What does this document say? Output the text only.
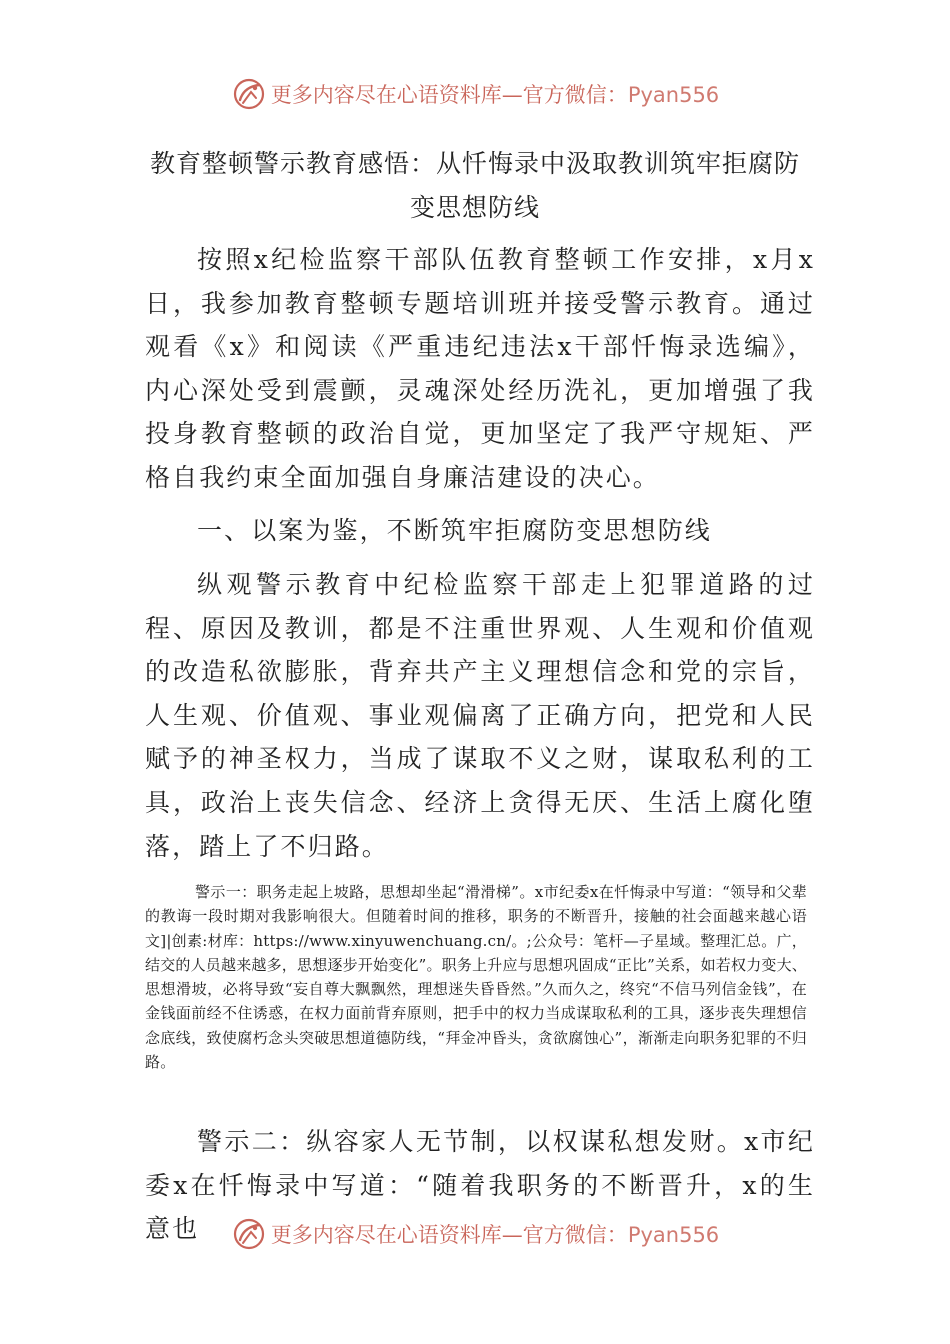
更多内容尽在心语资料库—官方微信：Pyan556
教育整顿警示教育感悟：从忏悔录中汲取教训筑牢拒腐防变思想防线

按照x纪检监察干部队伍教育整顿工作安排，x月x日，我参加教育整顿专题培训班并接受警示教育。通过观看《x》和阅读《严重违纪违法x干部忏悔录选编》，内心深处受到震颤，灵魂深处经历洗礼，更加增强了我投身教育整顿的政治自觉，更加坚定了我严守规矩、严格自我约束全面加强自身廉洁建设的决心。

一、以案为鉴，不断筑牢拒腐防变思想防线

纵观警示教育中纪检监察干部走上犯罪道路的过程、原因及教训，都是不注重世界观、人生观和价值观的改造私欲膨胀，背弃共产主义理想信念和党的宗旨，人生观、价值观、事业观偏离了正确方向，把党和人民赋予的神圣权力，当成了谋取不义之财，谋取私利的工具，政治上丧失信念、经济上贪得无厌、生活上腐化堕落，踏上了不归路。

警示一：职务走起上坡路，思想却坐起“滑滑梯”。x市纪委x在忏悔录中写道：“领导和父辈的教诲一段时期对我影响很大。但随着时间的推移，职务的不断晋升，接触的社会面越来越心语文]|创素:材库：https://www.xinyuwenchuang.cn/。;公众号：笔杆—子星域。整理汇总。广，结交的人员越来越多，思想逐步开始变化”。职务上升应与思想巩固成“正比”关系，如若权力变大、思想滑坡，必将导致“妄自尊大飘飘然，理想迷失昏昏然。”久而久之，终究“不信马列信金钱”，在金钱面前经不住诱惑，在权力面前背弃原则，把手中的权力当成谋取私利的工具，逐步丧失理想信念底线，致使腐朽念头突破思想道德防线，“拜金冲昏头，贪欲腐蚀心”，渐渐走向职务犯罪的不归路。

警示二：纵容家人无节制，以权谋私想发财。x市纪委x在忏悔录中写道：“随着我职务的不断晋升，x的生意也	更多内容尽在心语资料库—官方微信：Pyan556
